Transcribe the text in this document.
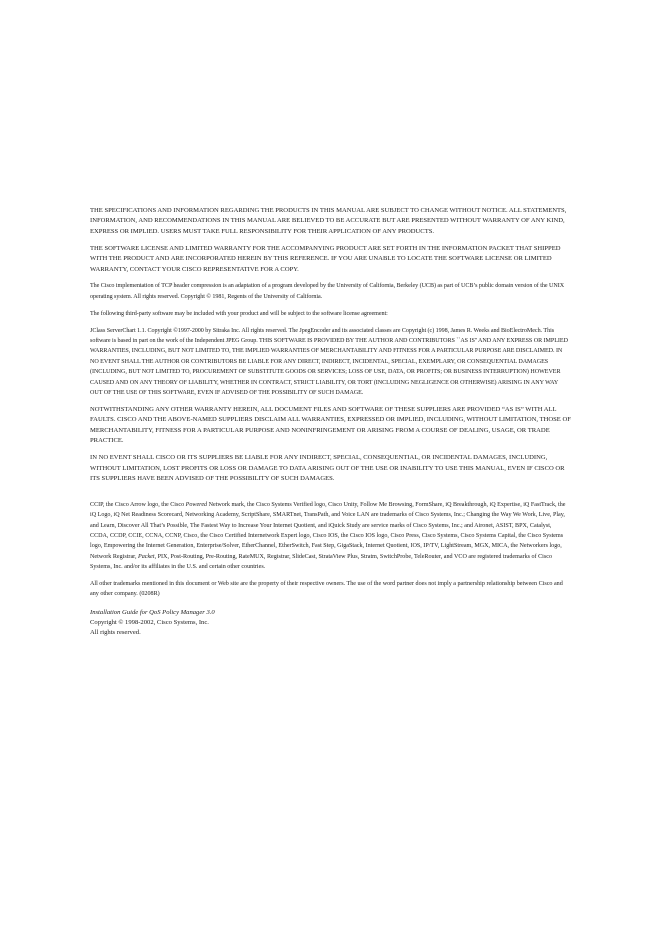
THE SPECIFICATIONS AND INFORMATION REGARDING THE PRODUCTS IN THIS MANUAL ARE SUBJECT TO CHANGE WITHOUT NOTICE. ALL STATEMENTS, INFORMATION, AND RECOMMENDATIONS IN THIS MANUAL ARE BELIEVED TO BE ACCURATE BUT ARE PRESENTED WITHOUT WARRANTY OF ANY KIND, EXPRESS OR IMPLIED. USERS MUST TAKE FULL RESPONSIBILITY FOR THEIR APPLICATION OF ANY PRODUCTS.

THE SOFTWARE LICENSE AND LIMITED WARRANTY FOR THE ACCOMPANYING PRODUCT ARE SET FORTH IN THE INFORMATION PACKET THAT SHIPPED WITH THE PRODUCT AND ARE INCORPORATED HEREIN BY THIS REFERENCE. IF YOU ARE UNABLE TO LOCATE THE SOFTWARE LICENSE OR LIMITED WARRANTY, CONTACT YOUR CISCO REPRESENTATIVE FOR A COPY.

The Cisco implementation of TCP header compression is an adaptation of a program developed by the University of California, Berkeley (UCB) as part of UCB’s public domain version of the UNIX operating system. All rights reserved. Copyright © 1981, Regents of the University of California.

The following third-party software may be included with your product and will be subject to the software license agreement:

JClass ServerChart 1.1. Copyright ©1997-2000 by Sitraka Inc. All rights reserved. The JpegEncoder and its associated classes are Copyright (c) 1998, James R. Weeks and BioElectroMech. This software is based in part on the work of the Independent JPEG Group. THIS SOFTWARE IS PROVIDED BY THE AUTHOR AND CONTRIBUTORS ``AS IS'' AND ANY EXPRESS OR IMPLIED WARRANTIES, INCLUDING, BUT NOT LIMITED TO, THE IMPLIED WARRANTIES OF MERCHANTABILITY AND FITNESS FOR A PARTICULAR PURPOSE ARE DISCLAIMED. IN NO EVENT SHALL THE AUTHOR OR CONTRIBUTORS BE LIABLE FOR ANY DIRECT, INDIRECT, INCIDENTAL, SPECIAL, EXEMPLARY, OR CONSEQUENTIAL DAMAGES (INCLUDING, BUT NOT LIMITED TO, PROCUREMENT OF SUBSTITUTE GOODS OR SERVICES; LOSS OF USE, DATA, OR PROFITS; OR BUSINESS INTERRUPTION) HOWEVER CAUSED AND ON ANY THEORY OF LIABILITY, WHETHER IN CONTRACT, STRICT LIABILITY, OR TORT (INCLUDING NEGLIGENCE OR OTHERWISE) ARISING IN ANY WAY OUT OF THE USE OF THIS SOFTWARE, EVEN IF ADVISED OF THE POSSIBILITY OF SUCH DAMAGE.

NOTWITHSTANDING ANY OTHER WARRANTY HEREIN, ALL DOCUMENT FILES AND SOFTWARE OF THESE SUPPLIERS ARE PROVIDED “AS IS” WITH ALL FAULTS. CISCO AND THE ABOVE-NAMED SUPPLIERS DISCLAIM ALL WARRANTIES, EXPRESSED OR IMPLIED, INCLUDING, WITHOUT LIMITATION, THOSE OF MERCHANTABILITY, FITNESS FOR A PARTICULAR PURPOSE AND NONINFRINGEMENT OR ARISING FROM A COURSE OF DEALING, USAGE, OR TRADE PRACTICE.

IN NO EVENT SHALL CISCO OR ITS SUPPLIERS BE LIABLE FOR ANY INDIRECT, SPECIAL, CONSEQUENTIAL, OR INCIDENTAL DAMAGES, INCLUDING, WITHOUT LIMITATION, LOST PROFITS OR LOSS OR DAMAGE TO DATA ARISING OUT OF THE USE OR INABILITY TO USE THIS MANUAL, EVEN IF CISCO OR ITS SUPPLIERS HAVE BEEN ADVISED OF THE POSSIBILITY OF SUCH DAMAGES.

CCIP, the Cisco Arrow logo, the Cisco Powered Network mark, the Cisco Systems Verified logo, Cisco Unity, Follow Me Browsing, FormShare, iQ Breakthrough, iQ Expertise, iQ FastTrack, the iQ Logo, iQ Net Readiness Scorecard, Networking Academy, ScriptShare, SMARTnet, TransPath, and Voice LAN are trademarks of Cisco Systems, Inc.; Changing the Way We Work, Live, Play, and Learn, Discover All That’s Possible, The Fastest Way to Increase Your Internet Quotient, and iQuick Study are service marks of Cisco Systems, Inc.; and Aironet, ASIST, BPX, Catalyst, CCDA, CCDP, CCIE, CCNA, CCNP, Cisco, the Cisco Certified Internetwork Expert logo, Cisco IOS, the Cisco IOS logo, Cisco Press, Cisco Systems, Cisco Systems Capital, the Cisco Systems logo, Empowering the Internet Generation, Enterprise/Solver, EtherChannel, EtherSwitch, Fast Step, GigaStack, Internet Quotient, IOS, IP/TV, LightStream, MGX, MICA, the Networkers logo, Network Registrar, Packet, PIX, Post-Routing, Pre-Routing, RateMUX, Registrar, SlideCast, StrataView Plus, Stratm, SwitchProbe, TeleRouter, and VCO are registered trademarks of Cisco Systems, Inc. and/or its affiliates in the U.S. and certain other countries.

All other trademarks mentioned in this document or Web site are the property of their respective owners. The use of the word partner does not imply a partnership relationship between Cisco and any other company. (0208R)

Installation Guide for QoS Policy Manager 3.0
Copyright © 1998-2002, Cisco Systems, Inc.
All rights reserved.
